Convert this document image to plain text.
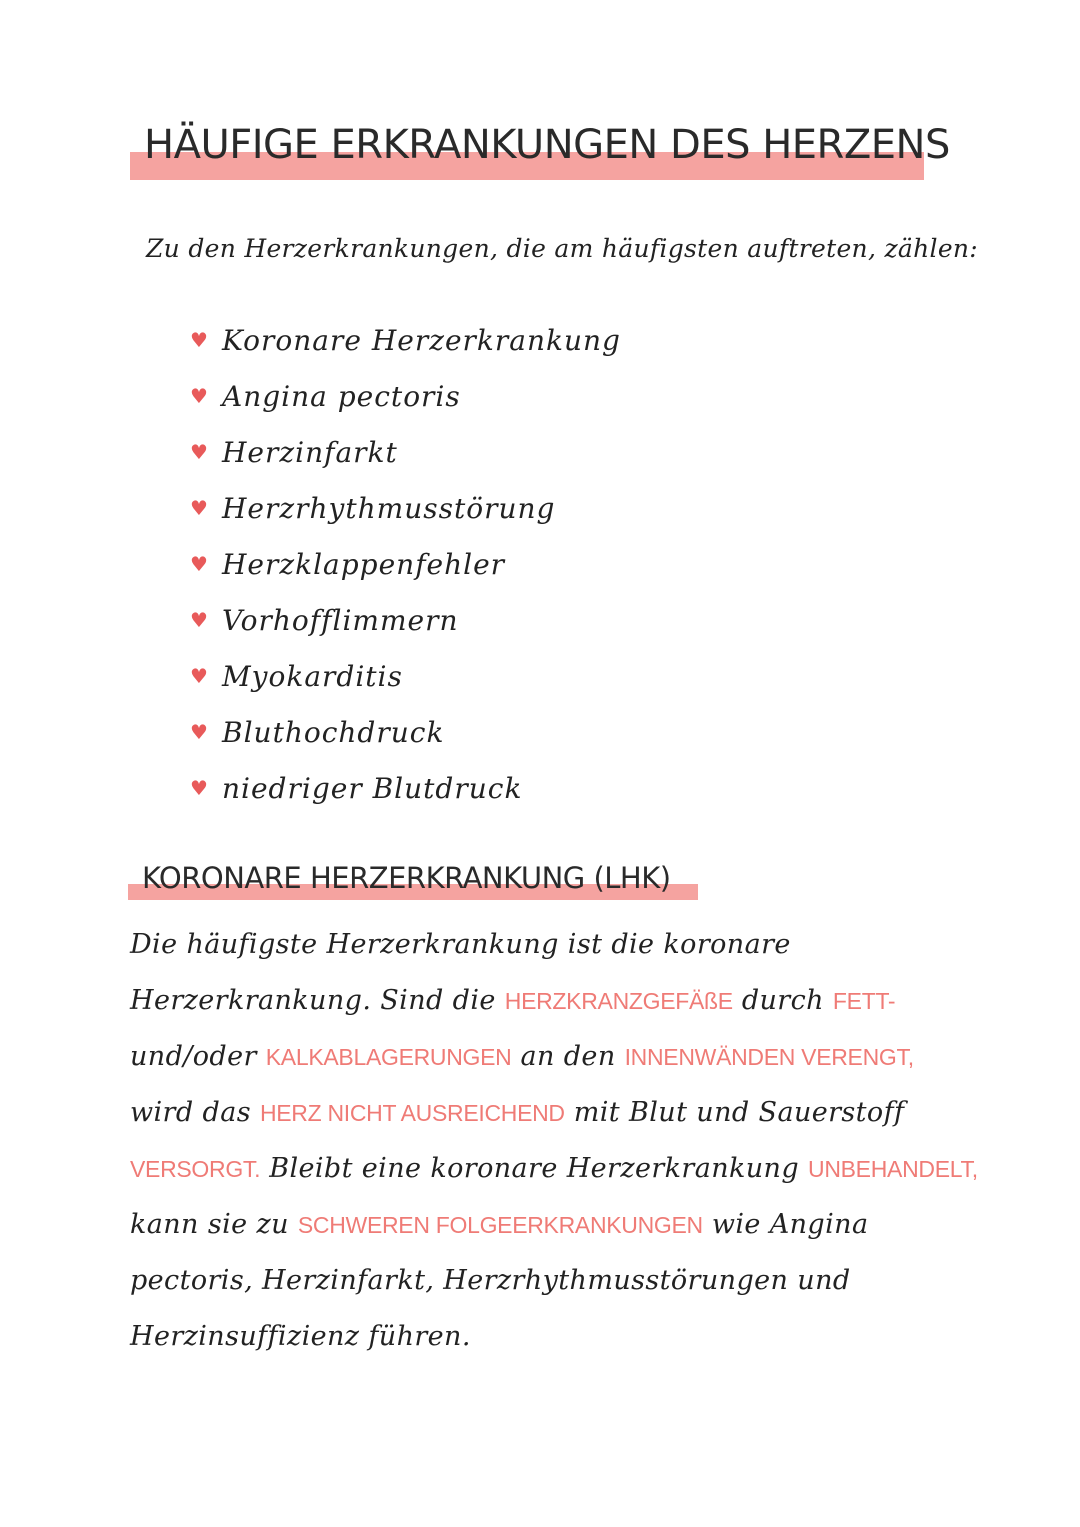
HÄUFIGE ERKRANKUNGEN DES HERZENS
Zu den Herzerkrankungen, die am häufigsten auftreten, zählen:
♥ Koronare Herzerkrankung
♥ Angina pectoris
♥ Herzinfarkt
♥ Herzrhythmusstörung
♥ Herzklappenfehler
♥ Vorhofflimmern
♥ Myokarditis
♥ Bluthochdruck
♥ niedriger Blutdruck
KORONARE HERZERKRANKUNG (LHK)
Die häufigste Herzerkrankung ist die koronare
Herzerkrankung. Sind die HERZKRANZGEFÄßE durch FETT-
und/oder KALKABLAGERUNGEN an den INNENWÄNDEN VERENGT,
wird das HERZ NICHT AUSREICHEND mit Blut und Sauerstoff
VERSORGT. Bleibt eine koronare Herzerkrankung UNBEHANDELT,
kann sie zu SCHWEREN FOLGEERKRANKUNGEN wie Angina
pectoris, Herzinfarkt, Herzrhythmusstörungen und
Herzinsuffizienz führen.
